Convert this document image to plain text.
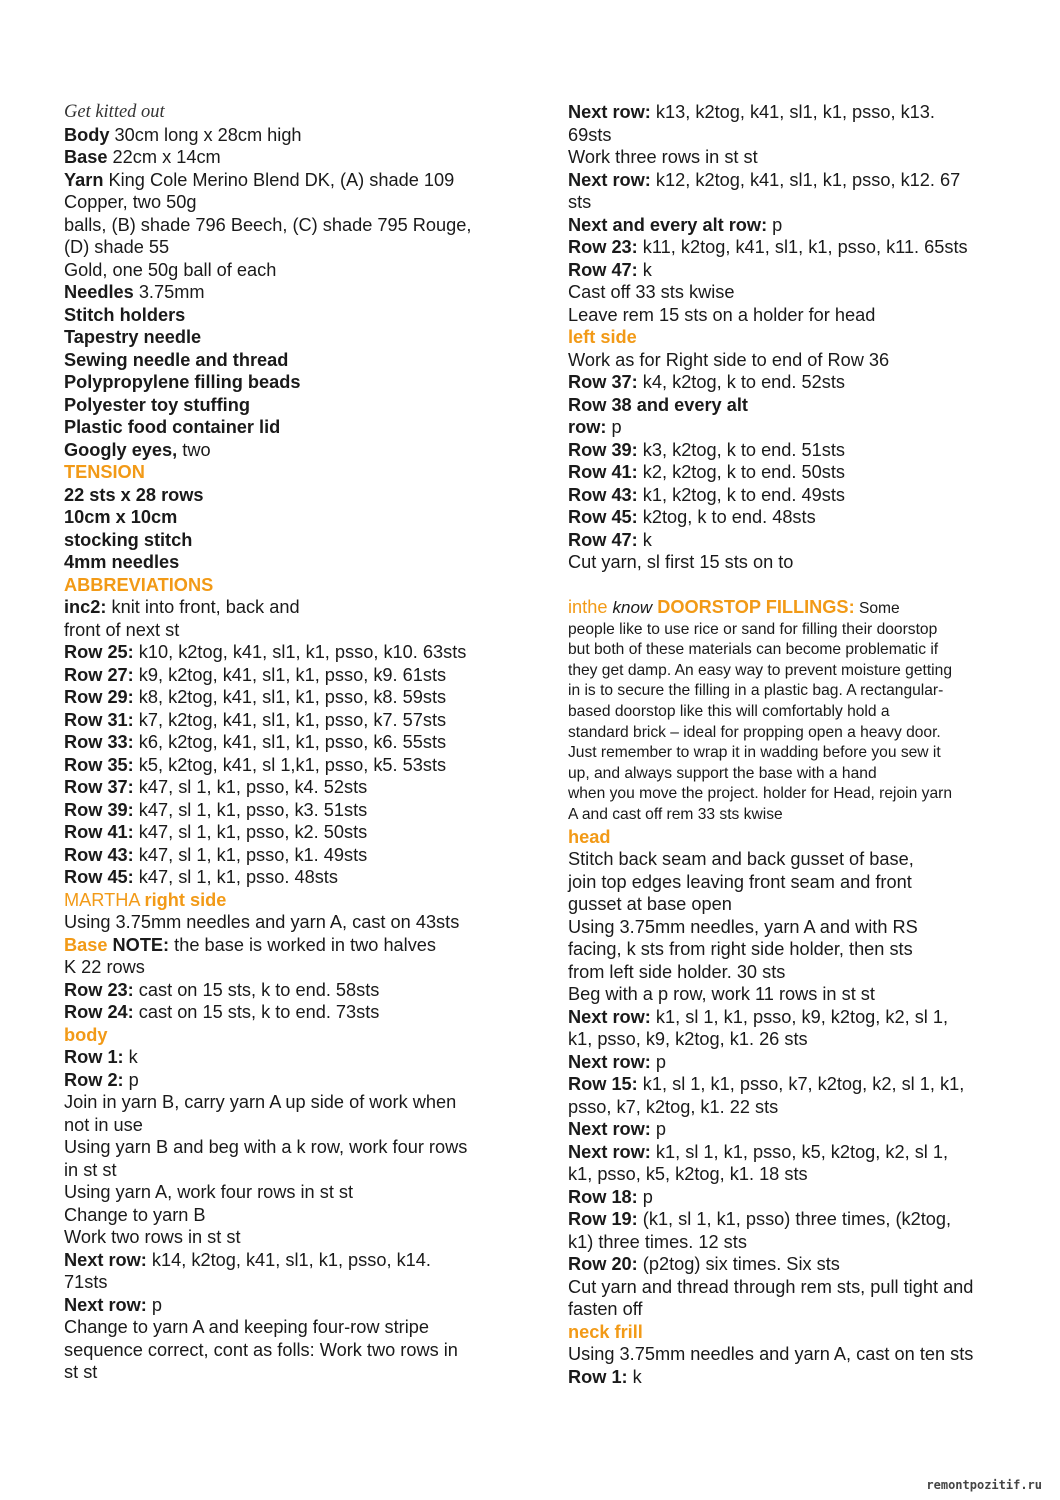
Get kitted out
Body 30cm long x 28cm high
Base 22cm x 14cm
Yarn King Cole Merino Blend DK, (A) shade 109
Copper, two 50g
balls, (B) shade 796 Beech, (C) shade 795 Rouge,
(D) shade 55
Gold, one 50g ball of each
Needles 3.75mm
Stitch holders
Tapestry needle
Sewing needle and thread
Polypropylene filling beads
Polyester toy stuffing
Plastic food container lid
Googly eyes, two
TENSION
22 sts x 28 rows
10cm x 10cm
stocking stitch
4mm needles
ABBREVIATIONS
inc2: knit into front, back and
front of next st
Row 25: k10, k2tog, k41, sl1, k1, psso, k10. 63sts
Row 27: k9, k2tog, k41, sl1, k1, psso, k9. 61sts
Row 29: k8, k2tog, k41, sl1, k1, psso, k8. 59sts
Row 31: k7, k2tog, k41, sl1, k1, psso, k7. 57sts
Row 33: k6, k2tog, k41, sl1, k1, psso, k6. 55sts
Row 35: k5, k2tog, k41, sl 1,k1, psso, k5. 53sts
Row 37: k47, sl 1, k1, psso, k4. 52sts
Row 39: k47, sl 1, k1, psso, k3. 51sts
Row 41: k47, sl 1, k1, psso, k2. 50sts
Row 43: k47, sl 1, k1, psso, k1. 49sts
Row 45: k47, sl 1, k1, psso. 48sts
MARTHA right side
Using 3.75mm needles and yarn A, cast on 43sts
Base NOTE: the base is worked in two halves
K 22 rows
Row 23: cast on 15 sts, k to end. 58sts
Row 24: cast on 15 sts, k to end. 73sts
body
Row 1: k
Row 2: p
Join in yarn B, carry yarn A up side of work when
not in use
Using yarn B and beg with a k row, work four rows
in st st
Using yarn A, work four rows in st st
Change to yarn B
Work two rows in st st
Next row: k14, k2tog, k41, sl1, k1, psso, k14.
71sts
Next row: p
Change to yarn A and keeping four-row stripe
sequence correct, cont as folls: Work two rows in
st st
Next row: k13, k2tog, k41, sl1, k1, psso, k13.
69sts
Work three rows in st st
Next row: k12, k2tog, k41, sl1, k1, psso, k12. 67
sts
Next and every alt row: p
Row 23: k11, k2tog, k41, sl1, k1, psso, k11. 65sts
Row 47: k
Cast off 33 sts kwise
Leave rem 15 sts on a holder for head
left side
Work as for Right side to end of Row 36
Row 37: k4, k2tog, k to end. 52sts
Row 38 and every alt
row: p
Row 39: k3, k2tog, k to end. 51sts
Row 41: k2, k2tog, k to end. 50sts
Row 43: k1, k2tog, k to end. 49sts
Row 45: k2tog, k to end. 48sts
Row 47: k
Cut yarn, sl first 15 sts on to
inthe know DOORSTOP FILLINGS: Some
people like to use rice or sand for filling their doorstop
but both of these materials can become problematic if
they get damp. An easy way to prevent moisture getting
in is to secure the filling in a plastic bag. A rectangular-
based doorstop like this will comfortably hold a
standard brick – ideal for propping open a heavy door.
Just remember to wrap it in wadding before you sew it
up, and always support the base with a hand
when you move the project. holder for Head, rejoin yarn
A and cast off rem 33 sts kwise
head
Stitch back seam and back gusset of base,
join top edges leaving front seam and front
gusset at base open
Using 3.75mm needles, yarn A and with RS
facing, k sts from right side holder, then sts
from left side holder. 30 sts
Beg with a p row, work 11 rows in st st
Next row: k1, sl 1, k1, psso, k9, k2tog, k2, sl 1,
k1, psso, k9, k2tog, k1. 26 sts
Next row: p
Row 15: k1, sl 1, k1, psso, k7, k2tog, k2, sl 1, k1,
psso, k7, k2tog, k1. 22 sts
Next row: p
Next row: k1, sl 1, k1, psso, k5, k2tog, k2, sl 1,
k1, psso, k5, k2tog, k1. 18 sts
Row 18: p
Row 19: (k1, sl 1, k1, psso) three times, (k2tog,
k1) three times. 12 sts
Row 20: (p2tog) six times. Six sts
Cut yarn and thread through rem sts, pull tight and
fasten off
neck frill
Using 3.75mm needles and yarn A, cast on ten sts
Row 1: k
remontpozitif.ru
